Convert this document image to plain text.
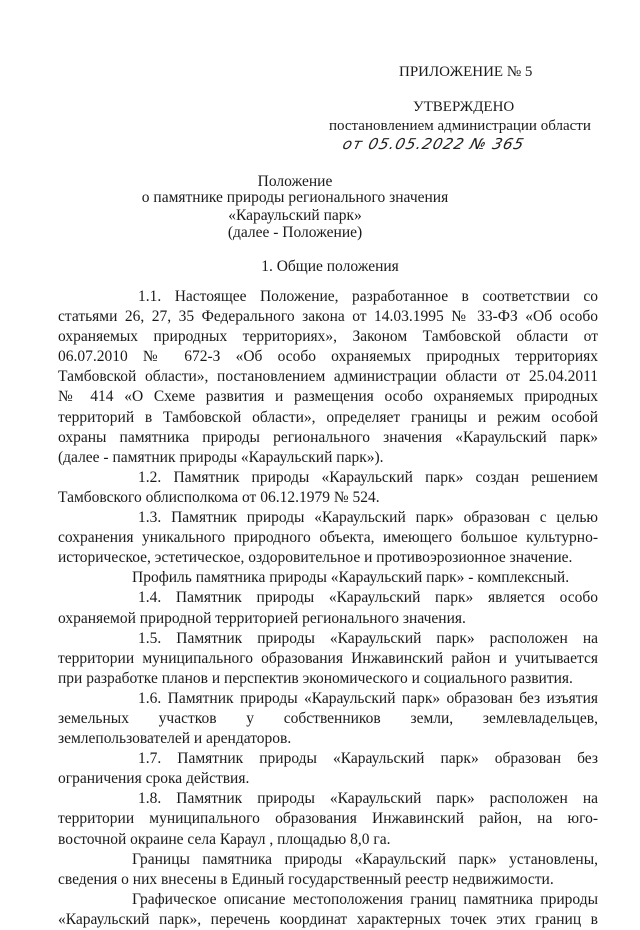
ПРИЛОЖЕНИЕ № 5
УТВЕРЖДЕНО
постановлением администрации области
от 05.05.2022 № 365
Положение
о памятнике природы регионального значения
«Караульский парк»
(далее - Положение)
1. Общие положения

1.1. Настоящее Положение, разработанное в соответствии со

статьями 26, 27, 35 Федерального закона от 14.03.1995 № 33-ФЗ «Об особо

охраняемых природных территориях», Законом Тамбовской области от

06.07.2010 № 672-З «Об особо охраняемых природных территориях

Тамбовской области», постановлением администрации области от 25.04.2011

№ 414 «О Схеме развития и размещения особо охраняемых природных

территорий в Тамбовской области», определяет границы и режим особой

охраны памятника природы регионального значения «Караульский парк»

(далее - памятник природы «Караульский парк»).

1.2. Памятник природы «Караульский парк» создан решением

Тамбовского облисполкома от 06.12.1979 № 524.

1.3. Памятник природы «Караульский парк» образован с целью

сохранения уникального природного объекта, имеющего большое культурно-

историческое, эстетическое, оздоровительное и противоэрозионное значение.

Профиль памятника природы «Караульский парк» - комплексный.

1.4. Памятник природы «Караульский парк» является особо

охраняемой природной территорией регионального значения.

1.5. Памятник природы «Караульский парк» расположен на

территории муниципального образования Инжавинский район и учитывается

при разработке планов и перспектив экономического и социального развития.

1.6. Памятник природы «Караульский парк» образован без изъятия

земельных участков у собственников земли, землевладельцев,

землепользователей и арендаторов.

1.7. Памятник природы «Караульский парк» образован без

ограничения срока действия.

1.8. Памятник природы «Караульский парк» расположен на

территории муниципального образования Инжавинский район, на юго-

восточной окраине села Караул , площадью 8,0 га.

Границы памятника природы «Караульский парк» установлены,

сведения о них внесены в Единый государственный реестр недвижимости.

Графическое описание местоположения границ памятника природы

«Караульский парк», перечень координат характерных точек этих границ в
